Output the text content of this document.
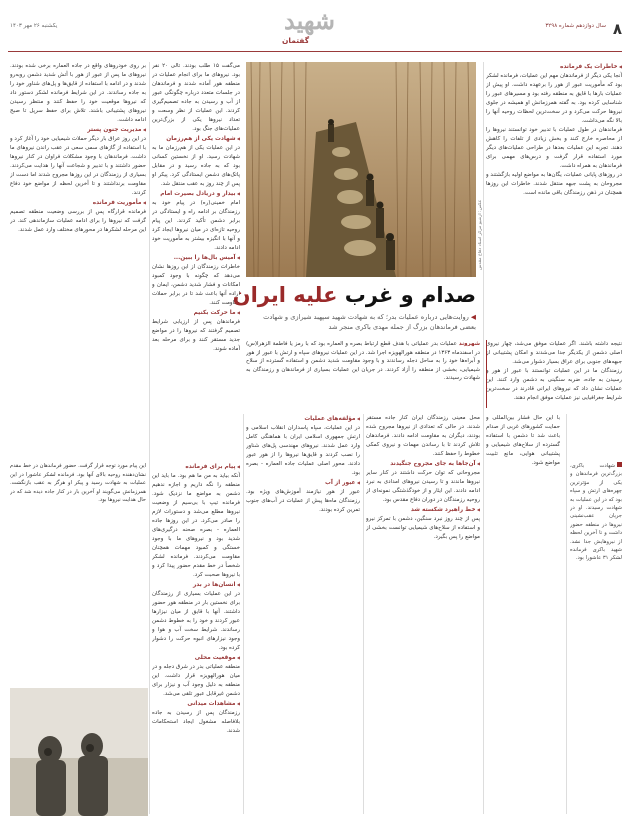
۸
سال دوازدهم شماره ۳۲۹۸
شهید
گفتمان
یکشنبه ۲۶ مهر ۱۴۰۳

بر روی خودرو‌های واقع در جاده العماره برخی شده بودند. نیروهای ما پس از عبور از هور با آتش شدید دشمن روبه‌رو شدند و در ادامه با استفاده از قایق‌ها و پل‌های شناور خود را به جاده رساندند. در این شرایط فرمانده لشکر دستور داد که نیروها موقعیت خود را حفظ کنند و منتظر رسیدن نیروهای پشتیبانی باشند. تلاش برای حفظ سرپل تا صبح ادامه داشت.

◀ مدیریت جنون پستر

در این روز عراق بار دیگر حملات شیمیایی خود را آغاز کرد و با استفاده از گازهای سمی سعی در عقب راندن نیروهای ما داشت. فرماندهان با وجود مشکلات فراوان در کنار نیروها حضور داشتند و با تدبیر و شجاعت آنها را هدایت می‌کردند. بسیاری از رزمندگان در این روزها مجروح شدند اما دست از مقاومت برنداشتند و تا آخرین لحظه از مواضع خود دفاع کردند.

◀ مأموریت فرمانده

فرمانده قرارگاه پس از بررسی وضعیت منطقه تصمیم گرفت که نیروها را برای ادامه عملیات سازماندهی کند. در این مرحله لشکرها در محورهای مختلف وارد عمل شدند.

می‌گفت ۱۵ طلب بودند. تالی ۲۰ نفر بود. نیروهای ما برای انجام عملیات در منطقه هور آماده شدند و فرماندهان در جلسات متعدد درباره چگونگی عبور از آب و رسیدن به جاده تصمیم‌گیری کردند. این عملیات از نظر وسعت و تعداد نیروها یکی از بزرگ‌ترین عملیات‌های جنگ بود.

◀ شهادت یکی از هم‌رزمان

در این عملیات یکی از هم‌رزمان ما به شهادت رسید. او از نخستین کسانی بود که به جاده رسید و در مقابل پاتک‌های دشمن ایستادگی کرد. پیکر او پس از چند روز به عقب منتقل شد.

◀ بیدار و دریادل بصیرت امام

امام خمینی(ره) در پیام خود به رزمندگان بر ادامه راه و ایستادگی در برابر دشمن تأکید کردند. این پیام روحیه تازه‌ای در میان نیروها ایجاد کرد و آنها با انگیزه بیشتر به مأموریت خود ادامه دادند.

◀ آمیس بال‌ها را ببین...

خاطرات رزمندگان از این روزها نشان می‌دهد که چگونه با وجود کمبود امکانات و فشار شدید دشمن، ایمان و اراده آنها باعث شد تا در برابر حملات مقاومت کنند.

◀ ما حرکت بکنیم

فرماندهان پس از ارزیابی شرایط تصمیم گرفتند که نیروها را در مواضع جدید مستقر کنند و برای مرحله بعد آماده شوند.

◀ پیام برای فرمانده

آنکه بیاید به من ما هم بود. ما باید این منطقه را نگه داریم و اجازه ندهیم دشمن به مواضع ما نزدیک شود. فرمانده تیپ با بی‌سیم از وضعیت نیروها مطلع می‌شد و دستورات لازم را صادر می‌کرد. در این روزها جاده العماره - بصره صحنه درگیری‌های شدید بود و نیروهای ما با وجود خستگی و کمبود مهمات همچنان مقاومت می‌کردند. فرمانده لشکر شخصاً در خط مقدم حضور پیدا کرد و با نیروها صحبت کرد.

◀ انسان‌ها در بدر

در این عملیات بسیاری از رزمندگان برای نخستین بار در منطقه هور حضور داشتند. آنها با قایق از میان نیزارها عبور کردند و خود را به خطوط دشمن رساندند. شرایط سخت آب و هوا و وجود نیزارهای انبوه حرکت را دشوار کرده بود.

◀ موقعیت محلی

منطقه عملیاتی بدر در شرق دجله و در میان هورالهویزه قرار داشت. این منطقه به دلیل وجود آب و نیزار برای دشمن غیرقابل عبور تلقی می‌شد.

◀ مشاهدات میدانی

رزمندگان پس از رسیدن به جاده بلافاصله مشغول ایجاد استحکامات شدند.

◀ مؤلفه‌های عملیات

در این عملیات، سپاه پاسداران انقلاب اسلامی و ارتش جمهوری اسلامی ایران با هماهنگی کامل وارد عمل شدند. نیروهای مهندسی پل‌های شناور را نصب کردند و قایق‌ها نیروها را از هور عبور دادند. محور اصلی عملیات جاده العماره - بصره بود.

◀ عبور از آب

عبور از هور نیازمند آموزش‌های ویژه بود. رزمندگان ماه‌ها پیش از عملیات در آب‌های جنوب تمرین کرده بودند.

محل معینی رزمندگان ایران کنار جاده مستقر شدند. در حالی که تعدادی از نیروها مجروح شده بودند، دیگران به مقاومت ادامه دادند. فرماندهان تلاش کردند تا با رساندن مهمات و نیروی کمکی خطوط را حفظ کنند.

◀ آن‌جاها به جای مجروح جنگیدند

مجروحانی که توان حرکت داشتند در کنار سایر نیروها ماندند و تا رسیدن نیروهای امدادی به نبرد ادامه دادند. این ایثار و از خودگذشتگی نمونه‌ای از روحیه رزمندگان در دوران دفاع مقدس بود.

◀ خط راهبرد شکسته شد

پس از چند روز نبرد سنگین، دشمن با تمرکز نیرو و استفاده از سلاح‌های شیمیایی توانست بخشی از مواضع را پس بگیرد.

◀ خاطرات یک فرمانده

آنجا یکی دیگر از فرماندهان مهم این عملیات، فرمانده لشکر بود که مأموریت عبور از هور را برعهده داشت. او پیش از عملیات بارها با قایق به منطقه رفته بود و مسیرهای عبور را شناسایی کرده بود. به گفته همرزمانش او همیشه در جلوی نیروها حرکت می‌کرد و در سخت‌ترین لحظات روحیه آنها را بالا نگه می‌داشت.

فرماندهان در طول عملیات با تدبیر خود توانستند نیروها را از محاصره خارج کنند و بخش زیادی از تلفات را کاهش دهند. تجربه این عملیات بعدها در طراحی عملیات‌های دیگر مورد استفاده قرار گرفت و درس‌های مهمی برای فرماندهان به همراه داشت.

در روزهای پایانی عملیات، یگان‌ها به مواضع اولیه بازگشتند و مجروحان به پشت جبهه منتقل شدند. خاطرات این روزها همچنان در ذهن رزمندگان باقی مانده است.

نتیجه داشته باشند. اگر عملیات موفق می‌شد، چهار نیروی اصلی دشمن از یکدیگر جدا می‌شدند و امکان پشتیبانی از جبهه‌های جنوبی برای عراق بسیار دشوار می‌شد.

رزمندگان ما در این عملیات توانستند با عبور از هور و رسیدن به جاده، ضربه سنگینی به دشمن وارد کنند. این عملیات نشان داد که نیروهای ایرانی قادرند در سخت‌ترین شرایط جغرافیایی نیز عملیات موفق انجام دهند.

با این حال فشار بین‌المللی و حمایت کشورهای غربی از صدام باعث شد تا دشمن با استفاده گسترده از سلاح‌های شیمیایی و پشتیبانی هوایی، مانع تثبیت مواضع شود.

عکس: آرشیو مرکز اسناد دفاع مقدس
صدام و غرب علیه ایران
◀ روایت‌هایی درباره عملیات بدر؛ که به شهادت شهید سپهبد شیرازی و شهادت بعضی فرماندهان بزرگ از جمله مهدی باکری منجر شد
شهروند عملیات بدر عملیاتی با هدف قطع ارتباط بصره و العماره بود که با رمز یا فاطمة الزهرا(س) در اسفندماه ۱۳۶۳ در منطقه هورالهویزه اجرا شد. در این عملیات نیروهای سپاه و ارتش با عبور از هور و آبراه‌ها خود را به ساحل دجله رساندند و با وجود مقاومت شدید دشمن و استفاده گسترده از سلاح شیمیایی، بخشی از منطقه را آزاد کردند. در جریان این عملیات بسیاری از فرماندهان و رزمندگان به شهادت رسیدند.
این پیام مورد توجه قرار گرفت. حضور فرماندهان در خط مقدم نشان‌دهنده روحیه بالای آنها بود. فرمانده لشکر عاشورا در این عملیات به شهادت رسید و پیکر او هرگز به عقب بازنگشت. همرزمانش می‌گویند او آخرین بار در کنار جاده دیده شد که در حال هدایت نیروها بود.
شهادت باکری، بزرگ‌ترین فرماندهان و یکی از مؤثرترین چهره‌های ارتش و سپاه بود که در این عملیات به شهادت رسیدند. او در جریان عقب‌نشینی نیروها در منطقه حضور داشت و تا آخرین لحظه از نیروهایش جدا نشد. شهید باکری فرمانده لشکر ۳۱ عاشورا بود.
